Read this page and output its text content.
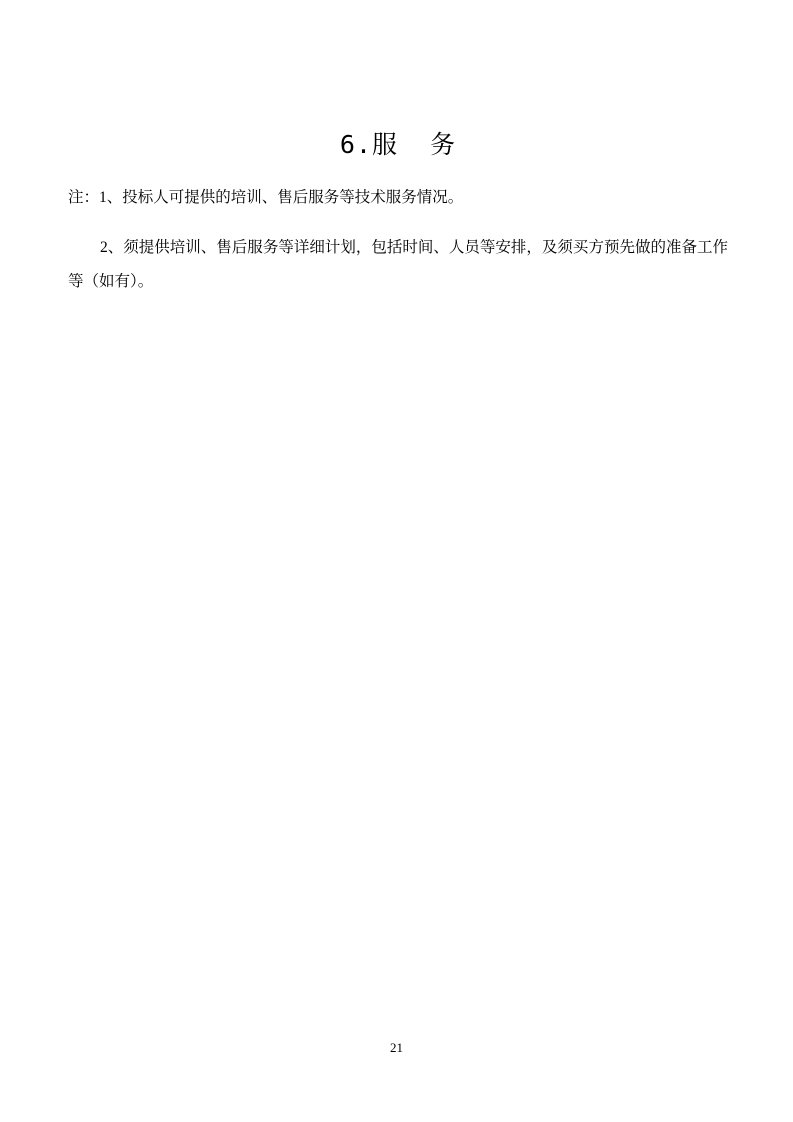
6.服  务

注：1、投标人可提供的培训、售后服务等技术服务情况。

2、须提供培训、售后服务等详细计划，包括时间、人员等安排，及须买方预先做的准备工作等（如有）。

21
